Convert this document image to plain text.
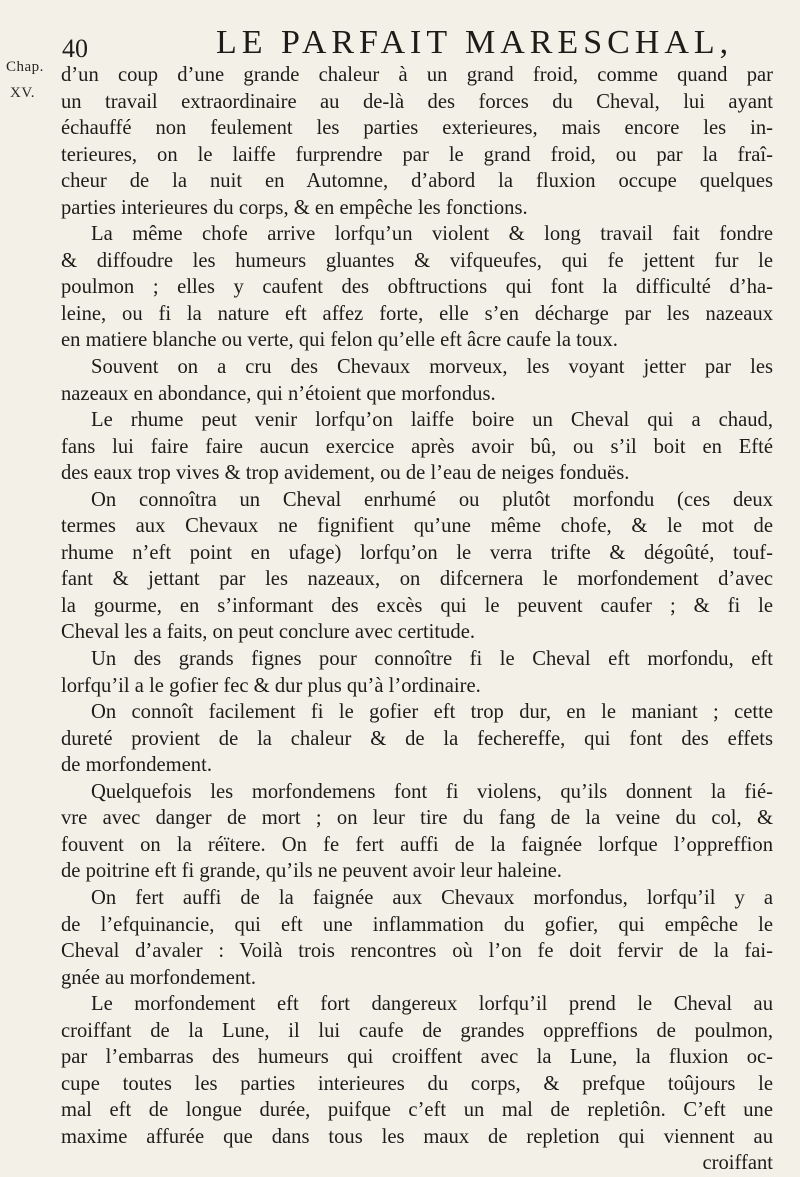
Chap.
XV.
40	LE PARFAIT MARESCHAL,
d’un coup d’une grande chaleur à un grand froid, comme quand par
un travail extraordinaire au de-là des forces du Cheval, lui ayant
échauffé non feulement les parties exterieures, mais encore les in-
terieures, on le laiffe furprendre par le grand froid, ou par la fraî-
cheur de la nuit en Automne, d’abord la fluxion occupe quelques
parties interieures du corps, & en empêche les fonctions.
La même chofe arrive lorfqu’un violent & long travail fait fondre
& diffoudre les humeurs gluantes & vifqueufes, qui fe jettent fur le
poulmon ; elles y caufent des obftructions qui font la difficulté d’ha-
leine, ou fi la nature eft affez forte, elle s’en décharge par les nazeaux
en matiere blanche ou verte, qui felon qu’elle eft âcre caufe la toux.
Souvent on a cru des Chevaux morveux, les voyant jetter par les
nazeaux en abondance, qui n’étoient que morfondus.
Le rhume peut venir lorfqu’on laiffe boire un Cheval qui a chaud,
fans lui faire faire aucun exercice après avoir bû, ou s’il boit en Efté
des eaux trop vives & trop avidement, ou de l’eau de neiges fonduës.
On connoîtra un Cheval enrhumé ou plutôt morfondu (ces deux
termes aux Chevaux ne fignifient qu’une même chofe, & le mot de
rhume n’eft point en ufage) lorfqu’on le verra trifte & dégoûté, touf-
fant & jettant par les nazeaux, on difcernera le morfondement d’avec
la gourme, en s’informant des excès qui le peuvent caufer ; & fi le
Cheval les a faits, on peut conclure avec certitude.
Un des grands fignes pour connoître fi le Cheval eft morfondu, eft
lorfqu’il a le gofier fec & dur plus qu’à l’ordinaire.
On connoît facilement fi le gofier eft trop dur, en le maniant ; cette
dureté provient de la chaleur & de la fechereffe, qui font des effets
de morfondement.
Quelquefois les morfondemens font fi violens, qu’ils donnent la fié-
vre avec danger de mort ; on leur tire du fang de la veine du col, &
fouvent on la réïtere. On fe fert auffi de la faignée lorfque l’oppreffion
de poitrine eft fi grande, qu’ils ne peuvent avoir leur haleine.
On fert auffi de la faignée aux Chevaux morfondus, lorfqu’il y a
de l’efquinancie, qui eft une inflammation du gofier, qui empêche le
Cheval d’avaler : Voilà trois rencontres où l’on fe doit fervir de la fai-
gnée au morfondement.
Le morfondement eft fort dangereux lorfqu’il prend le Cheval au
croiffant de la Lune, il lui caufe de grandes oppreffions de poulmon,
par l’embarras des humeurs qui croiffent avec la Lune, la fluxion oc-
cupe toutes les parties interieures du corps, & prefque toûjours le
mal eft de longue durée, puifque c’eft un mal de repletiôn. C’eft une
maxime affurée que dans tous les maux de repletion qui viennent au
croiffant
